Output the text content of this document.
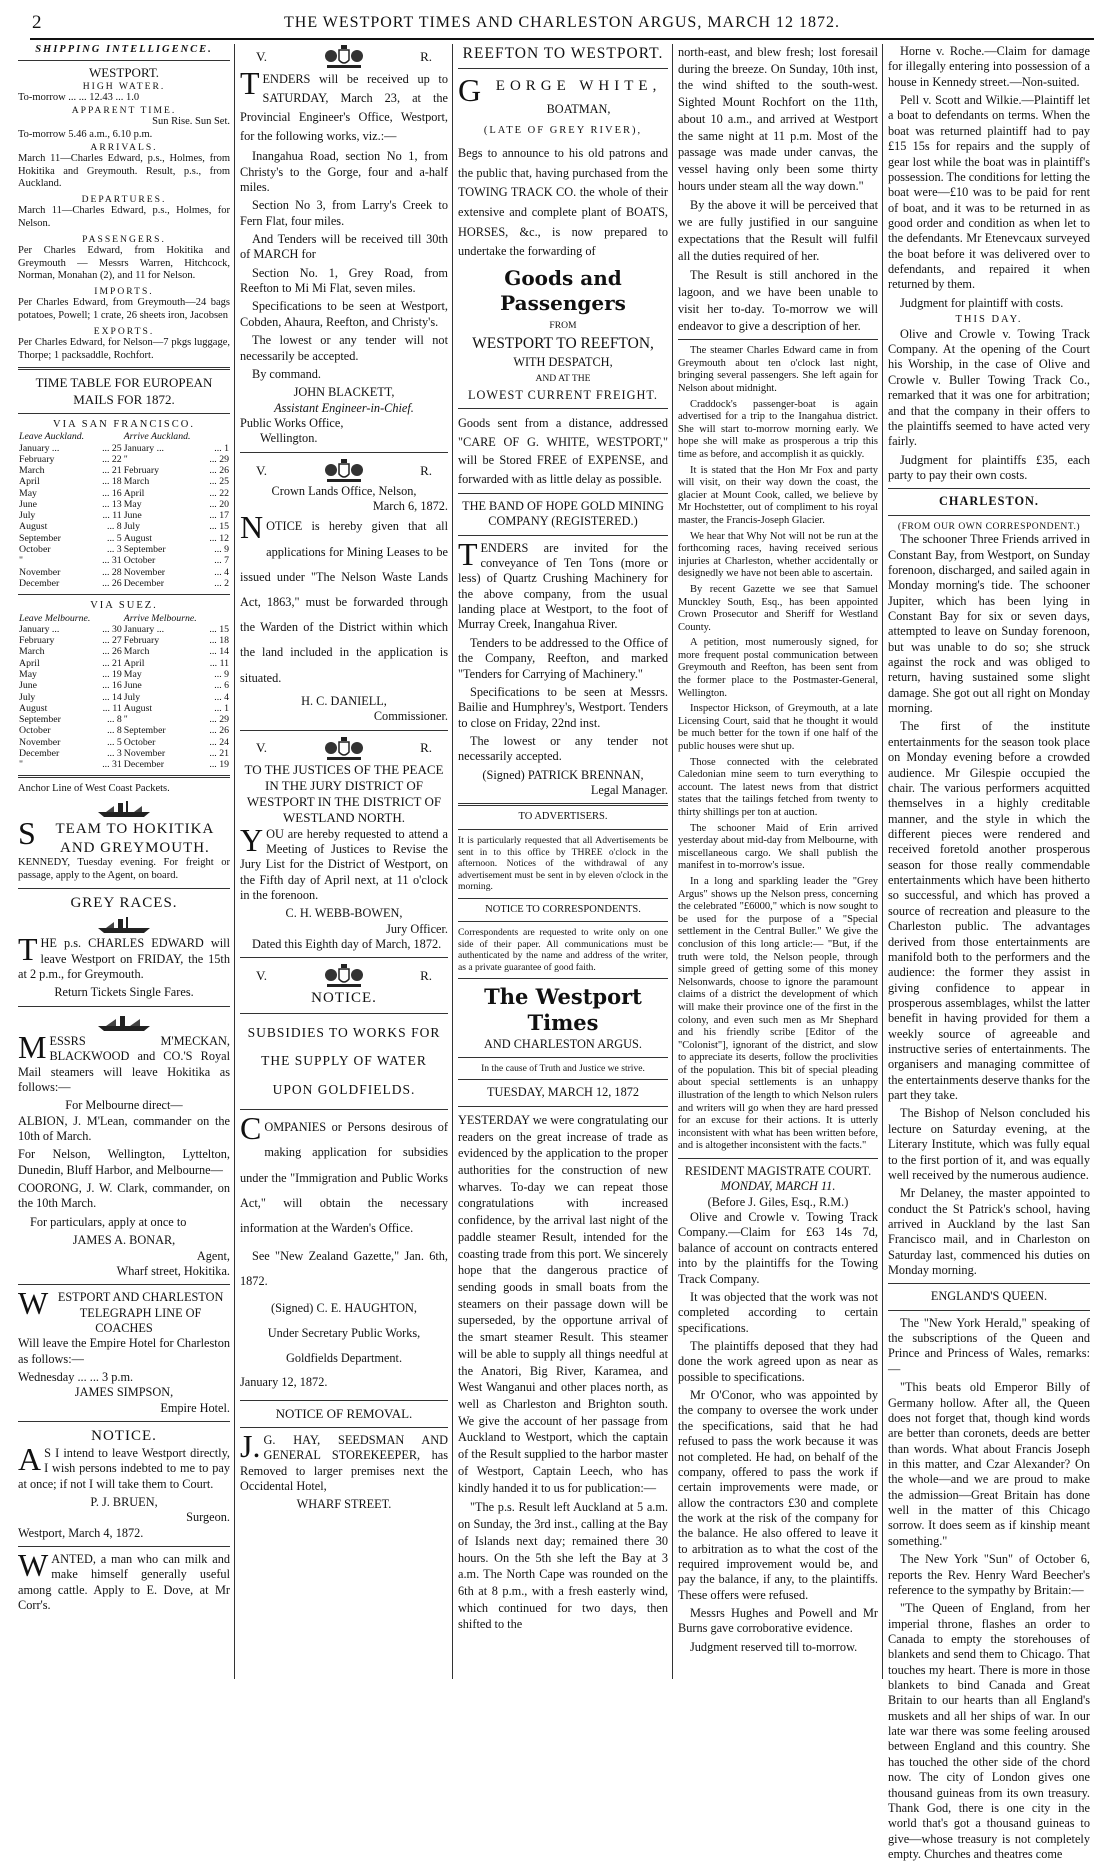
2	THE WESTPORT TIMES AND CHARLESTON ARGUS, MARCH 12 1872.
SHIPPING INTELLIGENCE.
WESTPORT.
HIGH WATER.
To-morrow ... ... 12.43 ... 1.0
APPARENT TIME.
Sun Rise. Sun Set.
To-morrow 5.46 a.m., 6.10 p.m.
ARRIVALS.

March 11—Charles Edward, p.s., Holmes, from Hokitika and Greymouth. Result, p.s., from Auckland.

DEPARTURES.

March 11—Charles Edward, p.s., Holmes, for Nelson.

PASSENGERS.

Per Charles Edward, from Hokitika and Greymouth — Messrs Warren, Hitchcock, Norman, Monahan (2), and 11 for Nelson.

IMPORTS.

Per Charles Edward, from Greymouth—24 bags potatoes, Powell; 1 crate, 26 sheets iron, Jacobsen

EXPORTS.

Per Charles Edward, for Nelson—7 pkgs luggage, Thorpe; 1 packsaddle, Rochfort.

TIME TABLE FOR EUROPEAN MAILS FOR 1872.
VIA SAN FRANCISCO.
Leave Auckland.		Arrive Auckland.	
January ...	... 25	January ...	... 1
February	... 22	"	... 29
March	... 21	February	... 26
April	... 18	March	... 25
May	... 16	April	... 22
June	... 13	May	... 20
July	... 11	June	... 17
August	... 8	July	... 15
September	... 5	August	... 12
October	... 3	September	... 9
"	... 31	October	... 7
November	... 28	November	... 4
December	... 26	December	... 2
VIA SUEZ.
Leave Melbourne.		Arrive Melbourne.	
January ...	... 30	January ...	... 15
February	... 27	February	... 18
March	... 26	March	... 14
April	... 21	April	... 11
May	... 19	May	... 9
June	... 16	June	... 6
July	... 14	July	... 4
August	... 11	August	... 1
September	... 8	"	... 29
October	... 8	September	... 26
November	... 5	October	... 24
December	... 3	November	... 21
"	... 31	December	... 19
Anchor Line of West Coast Packets.
STEAM TO HOKITIKA AND GREYMOUTH.

KENNEDY, Tuesday evening. For freight or passage, apply to the Agent, on board.

GREY RACES.

THE p.s. CHARLES EDWARD will leave Westport on FRIDAY, the 15th at 2 p.m., for Greymouth.

Return Tickets Single Fares.

MESSRS M'MECKAN, BLACKWOOD and CO.'S Royal Mail steamers will leave Hokitika as follows:—

For Melbourne direct—

ALBION, J. M'Lean, commander on the 10th of March.

For Nelson, Wellington, Lyttelton, Dunedin, Bluff Harbor, and Melbourne—

COORONG, J. W. Clark, commander, on the 10th March.

For particulars, apply at once to

JAMES A. BONAR,
Agent,
Wharf street, Hokitika.
WESTPORT AND CHARLESTON TELEGRAPH LINE OF COACHES

Will leave the Empire Hotel for Charleston as follows:—

Wednesday ... ... 3 p.m.
JAMES SIMPSON,
Empire Hotel.
NOTICE.

AS I intend to leave Westport directly, I wish persons indebted to me to pay at once; if not I will take them to Court.

P. J. BRUEN,
Surgeon.
Westport, March 4, 1872.

WANTED, a man who can milk and make himself generally useful among cattle. Apply to E. Dove, at Mr Corr's.

V.	R.

TENDERS will be received up to SATURDAY, March 23, at the Provincial Engineer's Office, Westport, for the following works, viz.:—

Inangahua Road, section No 1, from Christy's to the Gorge, four and a-half miles.

Section No 3, from Larry's Creek to Fern Flat, four miles.

And Tenders will be received till 30th of MARCH for

Section No. 1, Grey Road, from Reefton to Mi Mi Flat, seven miles.

Specifications to be seen at Westport, Cobden, Ahaura, Reefton, and Christy's.

The lowest or any tender will not necessarily be accepted.

By command.

JOHN BLACKETT,
Assistant Engineer-in-Chief.
Public Works Office,
Wellington.
V.	R.
Crown Lands Office, Nelson,
March 6, 1872.

NOTICE is hereby given that all applications for Mining Leases to be issued under "The Nelson Waste Lands Act, 1863," must be forwarded through the Warden of the District within which the land included in the application is situated.

H. C. DANIELL,
Commissioner.
V.	R.
TO THE JUSTICES OF THE PEACE IN THE JURY DISTRICT OF WESTPORT IN THE DISTRICT OF WESTLAND NORTH.

YOU are hereby requested to attend a Meeting of Justices to Revise the Jury List for the District of Westport, on the Fifth day of April next, at 11 o'clock in the forenoon.

C. H. WEBB-BOWEN,
Jury Officer.

Dated this Eighth day of March, 1872.

V.	R.
NOTICE.
SUBSIDIES TO WORKS FOR THE SUPPLY OF WATER UPON GOLDFIELDS.

COMPANIES or Persons desirous of making application for subsidies under the "Immigration and Public Works Act," will obtain the necessary information at the Warden's Office.

See "New Zealand Gazette," Jan. 6th, 1872.

(Signed) C. E. HAUGHTON,
Under Secretary Public Works,
Goldfields Department.
January 12, 1872.
NOTICE OF REMOVAL.

J.G. HAY, SEEDSMAN AND GENERAL STOREKEEPER, has Removed to larger premises next the Occidental Hotel,

WHARF STREET.
REEFTON TO WESTPORT.
GEORGE WHITE,
BOATMAN,
(LATE OF GREY RIVER),

Begs to announce to his old patrons and the public that, having purchased from the TOWING TRACK CO. the whole of their extensive and complete plant of BOATS, HORSES, &c., is now prepared to undertake the forwarding of

Goods and Passengers
FROM
WESTPORT TO REEFTON,
WITH DESPATCH,
AND AT THE
LOWEST CURRENT FREIGHT.

Goods sent from a distance, addressed "CARE OF G. WHITE, WESTPORT," will be Stored FREE of EXPENSE, and forwarded with as little delay as possible.

THE BAND OF HOPE GOLD MINING COMPANY (REGISTERED.)

TENDERS are invited for the conveyance of Ten Tons (more or less) of Quartz Crushing Machinery for the above company, from the usual landing place at Westport, to the foot of Murray Creek, Inangahua River.

Tenders to be addressed to the Office of the Company, Reefton, and marked "Tenders for Carrying of Machinery."

Specifications to be seen at Messrs. Bailie and Humphrey's, Westport. Tenders to close on Friday, 22nd inst.

The lowest or any tender not necessarily accepted.

(Signed) PATRICK BRENNAN,
Legal Manager.
TO ADVERTISERS.

It is particularly requested that all Advertisements be sent in to this office by THREE o'clock in the afternoon. Notices of the withdrawal of any advertisement must be sent in by eleven o'clock in the morning.

NOTICE TO CORRESPONDENTS.

Correspondents are requested to write only on one side of their paper. All communications must be authenticated by the name and address of the writer, as a private guarantee of good faith.

The Westport Times
AND CHARLESTON ARGUS.
In the cause of Truth and Justice we strive.
TUESDAY, MARCH 12, 1872

YESTERDAY we were congratulating our readers on the great increase of trade as evidenced by the application to the proper authorities for the construction of new wharves. To-day we can repeat those congratulations with increased confidence, by the arrival last night of the paddle steamer Result, intended for the coasting trade from this port. We sincerely hope that the dangerous practice of sending goods in small boats from the steamers on their passage down will be superseded, by the opportune arrival of the smart steamer Result. This steamer will be able to supply all things needful at the Anatori, Big River, Karamea, and West Wanganui and other places north, as well as Charleston and Brighton south. We give the account of her passage from Auckland to Westport, which the captain of the Result supplied to the harbor master of Westport, Captain Leech, who has kindly handed it to us for publication:—

"The p.s. Result left Auckland at 5 a.m. on Sunday, the 3rd inst., calling at the Bay of Islands next day; remained there 30 hours. On the 5th she left the Bay at 3 a.m. The North Cape was rounded on the 6th at 8 p.m., with a fresh easterly wind, which continued for two days, then shifted to the

north-east, and blew fresh; lost foresail during the breeze. On Sunday, 10th inst, the wind shifted to the south-west. Sighted Mount Rochfort on the 11th, about 10 a.m., and arrived at Westport the same night at 11 p.m. Most of the passage was made under canvas, the vessel having only been some thirty hours under steam all the way down."

By the above it will be perceived that we are fully justified in our sanguine expectations that the Result will fulfil all the duties required of her.

The Result is still anchored in the lagoon, and we have been unable to visit her to-day. To-morrow we will endeavor to give a description of her.

The steamer Charles Edward came in from Greymouth about ten o'clock last night, bringing several passengers. She left again for Nelson about midnight.

Craddock's passenger-boat is again advertised for a trip to the Inangahua district. She will start to-morrow morning early. We hope she will make as prosperous a trip this time as before, and accomplish it as quickly.

It is stated that the Hon Mr Fox and party will visit, on their way down the coast, the glacier at Mount Cook, called, we believe by Mr Hochstetter, out of compliment to his royal master, the Francis-Joseph Glacier.

We hear that Why Not will not be run at the forthcoming races, having received serious injuries at Charleston, whether accidentally or designedly we have not been able to ascertain.

By recent Gazette we see that Samuel Munckley South, Esq., has been appointed Crown Prosecutor and Sheriff for Westland County.

A petition, most numerously signed, for more frequent postal communication between Greymouth and Reefton, has been sent from the former place to the Postmaster-General, Wellington.

Inspector Hickson, of Greymouth, at a late Licensing Court, said that he thought it would be much better for the town if one half of the public houses were shut up.

Those connected with the celebrated Caledonian mine seem to turn everything to account. The latest news from that district states that the tailings fetched from twenty to thirty shillings per ton at auction.

The schooner Maid of Erin arrived yesterday about mid-day from Melbourne, with miscellaneous cargo. We shall publish the manifest in to-morrow's issue.

In a long and sparkling leader the "Grey Argus" shows up the Nelson press, concerning the celebrated "£6000," which is now sought to be used for the purpose of a "Special settlement in the Central Buller." We give the conclusion of this long article:— "But, if the truth were told, the Nelson people, through simple greed of getting some of this money Nelsonwards, choose to ignore the paramount claims of a district the development of which will make their province one of the first in the colony, and even such men as Mr Shephard and his friendly scribe [Editor of the "Colonist"], ignorant of the district, and slow to appreciate its deserts, follow the proclivities of the population. This bit of special pleading about special settlements is an unhappy illustration of the length to which Nelson rulers and writers will go when they are hard pressed for an excuse for their actions. It is utterly inconsistent with what has been written before, and is altogether inconsistent with the facts."

RESIDENT MAGISTRATE COURT.
MONDAY, MARCH 11.
(Before J. Giles, Esq., R.M.)

Olive and Crowle v. Towing Track Company.—Claim for £63 14s 7d, balance of account on contracts entered into by the plaintiffs for the Towing Track Company.

It was objected that the work was not completed according to certain specifications.

The plaintiffs deposed that they had done the work agreed upon as near as possible to specifications.

Mr O'Conor, who was appointed by the company to oversee the work under the specifications, said that he had refused to pass the work because it was not completed. He had, on behalf of the company, offered to pass the work if certain improvements were made, or allow the contractors £30 and complete the work at the risk of the company for the balance. He also offered to leave it to arbitration as to what the cost of the required improvement would be, and pay the balance, if any, to the plaintiffs. These offers were refused.

Messrs Hughes and Powell and Mr Burns gave corroborative evidence.

Judgment reserved till to-morrow.

Horne v. Roche.—Claim for damage for illegally entering into possession of a house in Kennedy street.—Non-suited.

Pell v. Scott and Wilkie.—Plaintiff let a boat to defendants on terms. When the boat was returned plaintiff had to pay £15 15s for repairs and the supply of gear lost while the boat was in plaintiff's possession. The conditions for letting the boat were—£10 was to be paid for rent of boat, and it was to be returned in as good order and condition as when let to the defendants. Mr Etenevcaux surveyed the boat before it was delivered over to defendants, and repaired it when returned by them.

Judgment for plaintiff with costs.

THIS DAY.

Olive and Crowle v. Towing Track Company. At the opening of the Court his Worship, in the case of Olive and Crowle v. Buller Towing Track Co., remarked that it was one for arbitration; and that the company in their offers to the plaintiffs seemed to have acted very fairly.

Judgment for plaintiffs £35, each party to pay their own costs.

CHARLESTON.
(FROM OUR OWN CORRESPONDENT.)

The schooner Three Friends arrived in Constant Bay, from Westport, on Sunday forenoon, discharged, and sailed again in Monday morning's tide. The schooner Jupiter, which has been lying in Constant Bay for six or seven days, attempted to leave on Sunday forenoon, but was unable to do so; she struck against the rock and was obliged to return, having sustained some slight damage. She got out all right on Monday morning.

The first of the institute entertainments for the season took place on Monday evening before a crowded audience. Mr Gilespie occupied the chair. The various performers acquitted themselves in a highly creditable manner, and the style in which the different pieces were rendered and received foretold another prosperous season for those really commendable entertainments which have been hitherto so successful, and which has proved a source of recreation and pleasure to the Charleston public. The advantages derived from those entertainments are manifold both to the performers and the audience: the former they assist in giving confidence to appear in prosperous assemblages, whilst the latter benefit in having provided for them a weekly source of agreeable and instructive series of entertainments. The organisers and managing committee of the entertainments deserve thanks for the part they take.

The Bishop of Nelson concluded his lecture on Saturday evening, at the Literary Institute, which was fully equal to the first portion of it, and was equally well received by the numerous audience.

Mr Delaney, the master appointed to conduct the St Patrick's school, having arrived in Auckland by the last San Francisco mail, and in Charleston on Saturday last, commenced his duties on Monday morning.

ENGLAND'S QUEEN.

The "New York Herald," speaking of the subscriptions of the Queen and Prince and Princess of Wales, remarks:—

"This beats old Emperor Billy of Germany hollow. After all, the Queen does not forget that, though kind words are better than coronets, deeds are better than words. What about Francis Joseph in this matter, and Czar Alexander? On the whole—and we are proud to make the admission—Great Britain has done well in the matter of this Chicago sorrow. It does seem as if kinship meant something."

The New York "Sun" of October 6, reports the Rev. Henry Ward Beecher's reference to the sympathy by Britain:—

"The Queen of England, from her imperial throne, flashes an order to Canada to empty the storehouses of blankets and send them to Chicago. That touches my heart. There is more in those blankets to bind Canada and Great Britain to our hearts than all England's muskets and all her ships of war. In our late war there was some feeling aroused between England and this country. She has touched the other side of the chord now. The city of London gives one thousand guineas from its own treasury. Thank God, there is one city in the world that's got a thousand guineas to give—whose treasury is not completely empty. Churches and theatres come
